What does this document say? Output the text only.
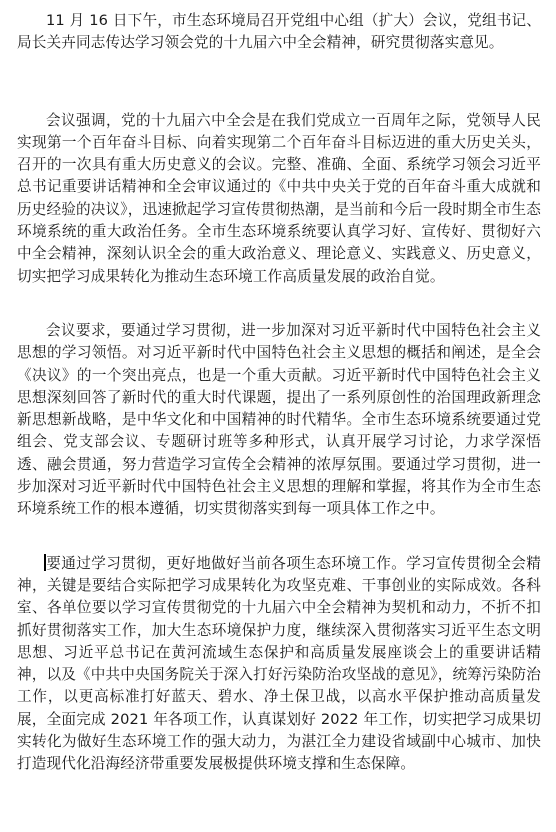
11 月 16 日下午，市生态环境局召开党组中心组（扩大）会议，党组书记、局长关卉同志传达学习领会党的十九届六中全会精神，研究贯彻落实意见。

会议强调，党的十九届六中全会是在我们党成立一百周年之际，党领导人民实现第一个百年奋斗目标、向着实现第二个百年奋斗目标迈进的重大历史关头，召开的一次具有重大历史意义的会议。完整、准确、全面、系统学习领会习近平总书记重要讲话精神和全会审议通过的《中共中央关于党的百年奋斗重大成就和历史经验的决议》，迅速掀起学习宣传贯彻热潮，是当前和今后一段时期全市生态环境系统的重大政治任务。全市生态环境系统要认真学习好、宣传好、贯彻好六中全会精神，深刻认识全会的重大政治意义、理论意义、实践意义、历史意义，切实把学习成果转化为推动生态环境工作高质量发展的政治自觉。

会议要求，要通过学习贯彻，进一步加深对习近平新时代中国特色社会主义思想的学习领悟。对习近平新时代中国特色社会主义思想的概括和阐述，是全会《决议》的一个突出亮点，也是一个重大贡献。习近平新时代中国特色社会主义思想深刻回答了新时代的重大时代课题，提出了一系列原创性的治国理政新理念新思想新战略，是中华文化和中国精神的时代精华。全市生态环境系统要通过党组会、党支部会议、专题研讨班等多种形式，认真开展学习讨论，力求学深悟透、融会贯通，努力营造学习宣传全会精神的浓厚氛围。要通过学习贯彻，进一步加深对习近平新时代中国特色社会主义思想的理解和掌握，将其作为全市生态环境系统工作的根本遵循，切实贯彻落实到每一项具体工作之中。

要通过学习贯彻，更好地做好当前各项生态环境工作。学习宣传贯彻全会精神，关键是要结合实际把学习成果转化为攻坚克难、干事创业的实际成效。各科室、各单位要以学习宣传贯彻党的十九届六中全会精神为契机和动力，不折不扣抓好贯彻落实工作，加大生态环境保护力度，继续深入贯彻落实习近平生态文明思想、习近平总书记在黄河流域生态保护和高质量发展座谈会上的重要讲话精神，以及《中共中央国务院关于深入打好污染防治攻坚战的意见》，统筹污染防治工作，以更高标准打好蓝天、碧水、净土保卫战，以高水平保护推动高质量发展，全面完成 2021 年各项工作，认真谋划好 2022 年工作，切实把学习成果切实转化为做好生态环境工作的强大动力，为湛江全力建设省域副中心城市、加快打造现代化沿海经济带重要发展极提供环境支撑和生态保障。
